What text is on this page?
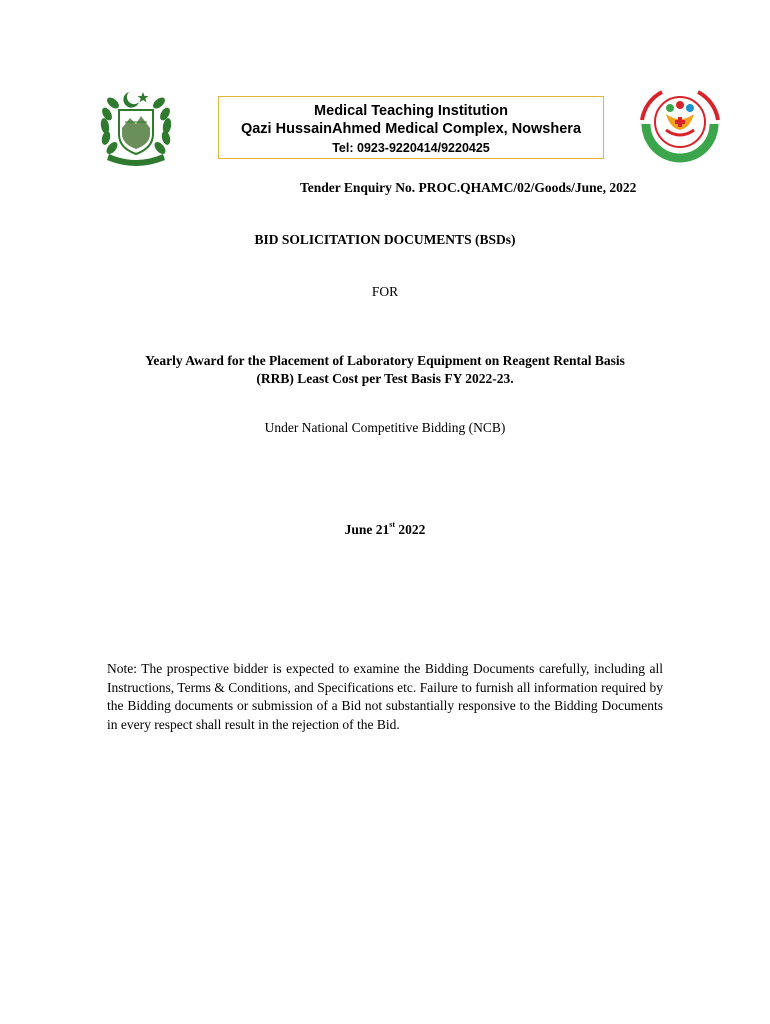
Medical Teaching Institution
Qazi HussainAhmed Medical Complex, Nowshera
Tel: 0923-9220414/9220425
Tender Enquiry No. PROC.QHAMC/02/Goods/June, 2022
BID SOLICITATION DOCUMENTS (BSDs)
FOR
Yearly Award for the Placement of Laboratory Equipment on Reagent Rental Basis
(RRB) Least Cost per Test Basis FY 2022-23.
Under National Competitive Bidding (NCB)
June 21st 2022
Note: The prospective bidder is expected to examine the Bidding Documents carefully, including all Instructions, Terms & Conditions, and Specifications etc. Failure to furnish all information required by the Bidding documents or submission of a Bid not substantially responsive to the Bidding Documents in every respect shall result in the rejection of the Bid.
